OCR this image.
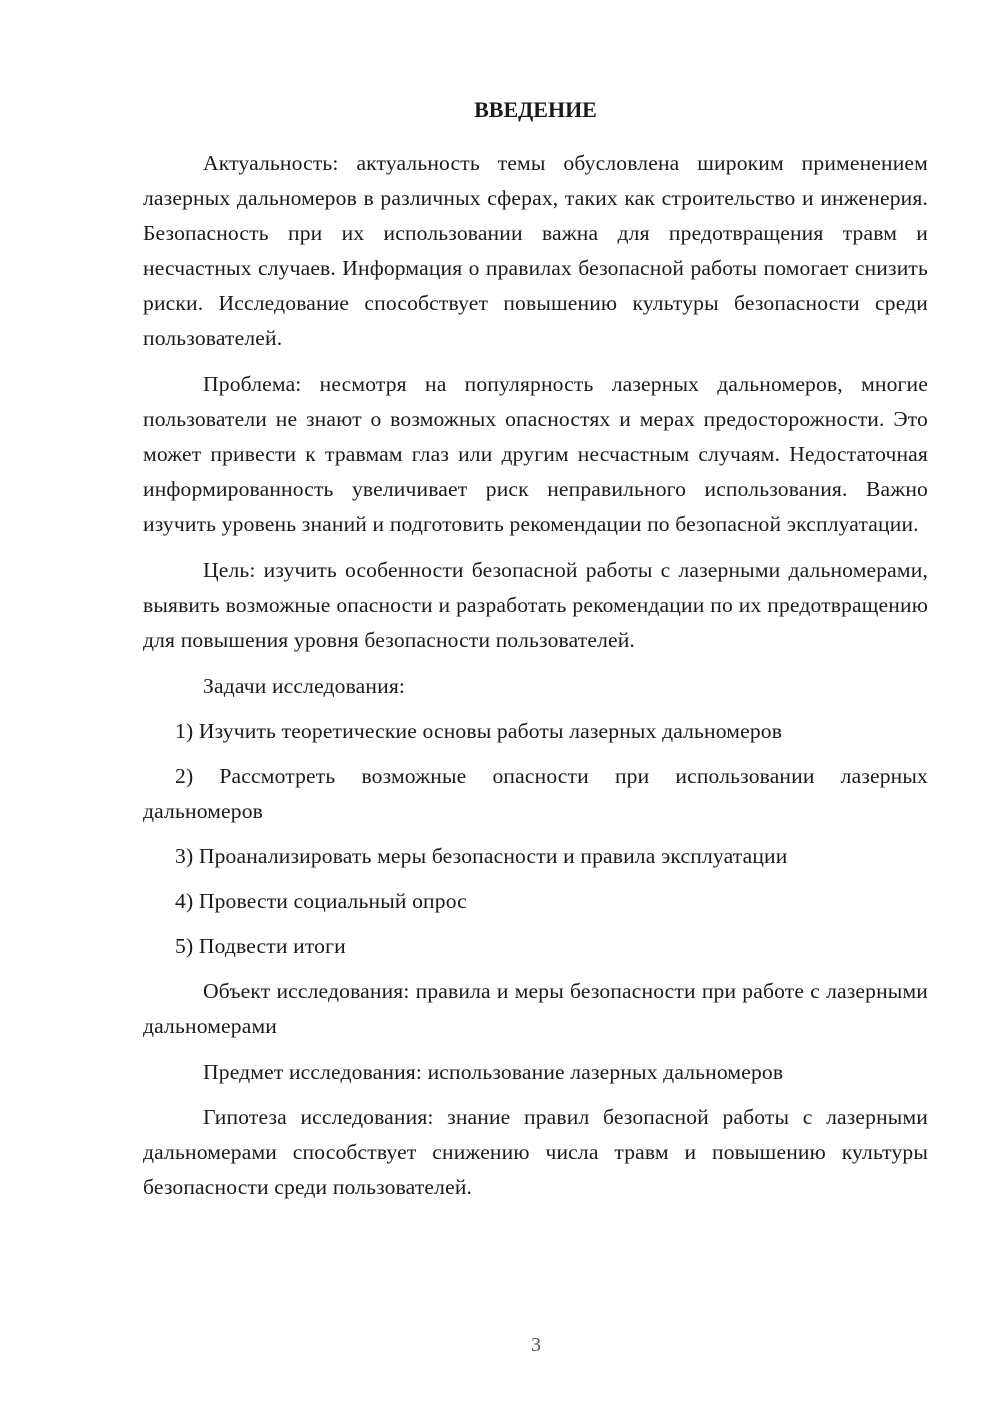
ВВЕДЕНИЕ

Актуальность: актуальность темы обусловлена широким применением лазерных дальномеров в различных сферах, таких как строительство и инженерия. Безопасность при их использовании важна для предотвращения травм и несчастных случаев. Информация о правилах безопасной работы помогает снизить риски. Исследование способствует повышению культуры безопасности среди пользователей.

Проблема: несмотря на популярность лазерных дальномеров, многие пользователи не знают о возможных опасностях и мерах предосторожности. Это может привести к травмам глаз или другим несчастным случаям. Недостаточная информированность увеличивает риск неправильного использования. Важно изучить уровень знаний и подготовить рекомендации по безопасной эксплуатации.

Цель: изучить особенности безопасной работы с лазерными дальномерами, выявить возможные опасности и разработать рекомендации по их предотвращению для повышения уровня безопасности пользователей.

Задачи исследования:

1) Изучить теоретические основы работы лазерных дальномеров

2) Рассмотреть возможные опасности при использовании лазерных дальномеров

3) Проанализировать меры безопасности и правила эксплуатации

4) Провести социальный опрос

5) Подвести итоги

Объект исследования: правила и меры безопасности при работе с лазерными дальномерами

Предмет исследования: использование лазерных дальномеров

Гипотеза исследования: знание правил безопасной работы с лазерными дальномерами способствует снижению числа травм и повышению культуры безопасности среди пользователей.

3
